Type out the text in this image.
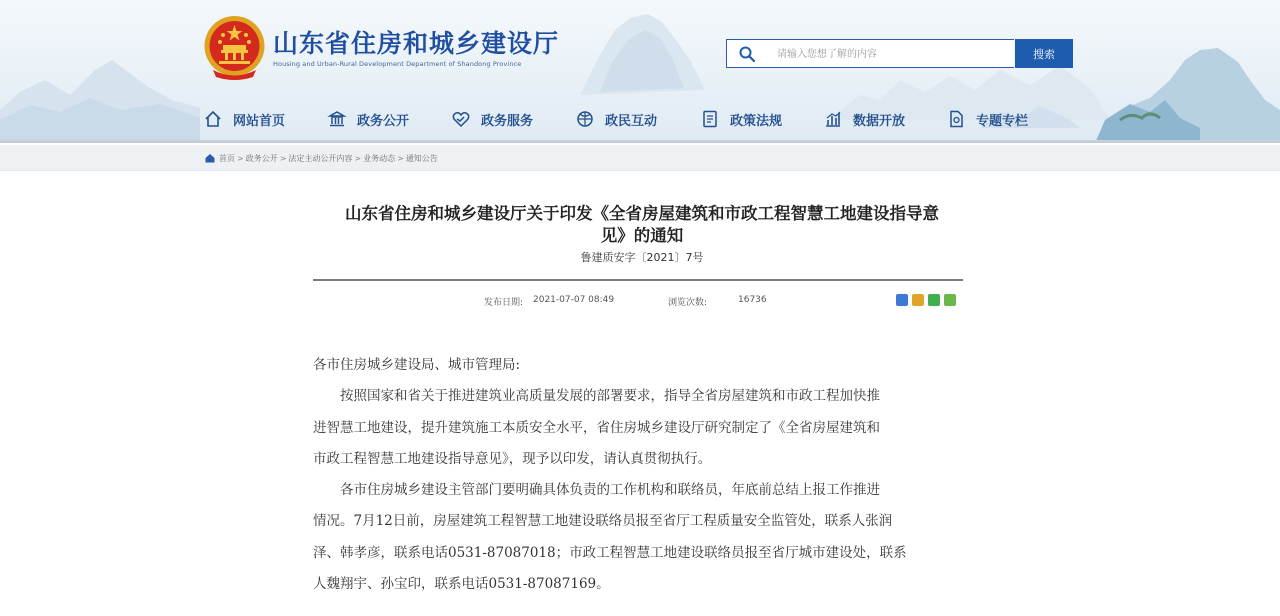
山东省住房和城乡建设厅
Housing and Urban-Rural Development Department of Shandong Province
请输入您想了解的内容
搜索
网站首页	政务公开	政务服务	政民互动	政策法规	数据开放	专题专栏
首页 > 政务公开 > 法定主动公开内容 > 业务动态 > 通知公告
山东省住房和城乡建设厅关于印发《全省房屋建筑和市政工程智慧工地建设指导意
见》的通知
鲁建质安字〔2021〕7号
发布日期: 2021-07-07 08:49	浏览次数:	16736
各市住房城乡建设局、城市管理局:
　　按照国家和省关于推进建筑业高质量发展的部署要求，指导全省房屋建筑和市政工程加快推
进智慧工地建设，提升建筑施工本质安全水平，省住房城乡建设厅研究制定了《全省房屋建筑和
市政工程智慧工地建设指导意见》，现予以印发，请认真贯彻执行。
　　各市住房城乡建设主管部门要明确具体负责的工作机构和联络员，年底前总结上报工作推进
情况。7月12日前，房屋建筑工程智慧工地建设联络员报至省厅工程质量安全监管处，联系人张润
泽、韩孝彦，联系电话0531-87087018；市政工程智慧工地建设联络员报至省厅城市建设处，联系
人魏翔宇、孙宝印，联系电话0531-87087169。
